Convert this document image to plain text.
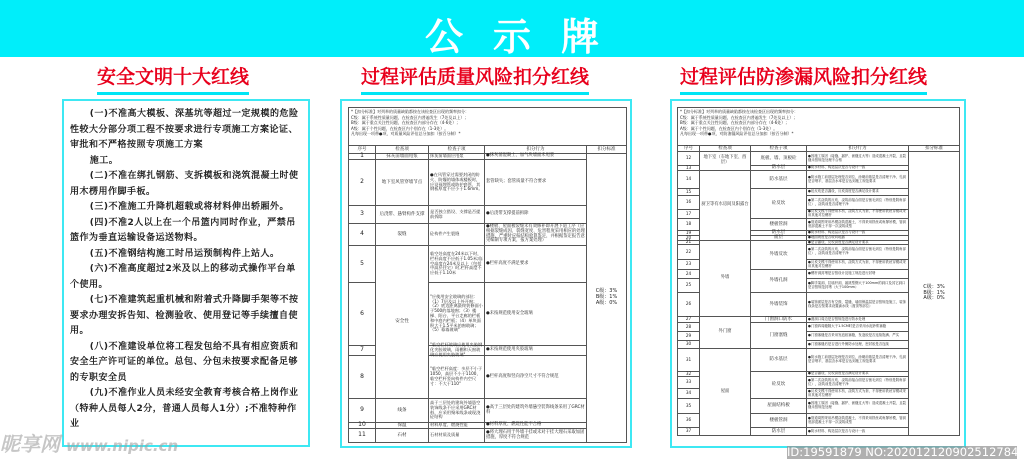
公示牌
安全文明十大红线	过程评估质量风险扣分红线	过程评估防渗漏风险扣分红线

(一)不准高大模板、深基坑等超过一定规模的危险性较大分部分项工程不按要求进行专项施工方案论证、审批和不严格按照专项施工方案

施工。

(二)不准在绑扎钢筋、支拆模板和浇筑混凝土时使用木楞用作脚手板。

(三)不准施工升降机超载或将材料伸出轿厢外。

(四)不准2人以上在一个吊篮内同时作业，严禁吊篮作为垂直运输设备运送物料。

(五)不准钢结构施工时吊运预制构件上站人。

(六)不准高度超过2米及以上的移动式操作平台单个使用。

(七)不准建筑起重机械和附着式升降脚手架等不按要求办理安拆告知、检测验收、使用登记等手续擅自使用。

(八)不准建设单位将工程发包给不具有相应资质和安全生产许可证的单位。总包、分包未按要求配备足够的专职安全员

(九)不准作业人员未经安全教育考核合格上岗作业（特种人员每人2分，普通人员每人1分）;不准特种作业

*【扣分标准】对列举的质量缺陷都按在该检查区出现的频率扣分：
C级：属于系统性质量问题，在检查区内普遍发生（7处及以上）；
B级：属于重点关注性问题，在检查区内部分存在（4-6处）；
A级：属于个性问题，在检查区内个别存在（1-3处）。
凡每出现一项带●项，对质量风险评估总分加扣（按百分制）*				

序号	检查项	检查子项	扣分行为	扣分标准

1	抹灰前墙面甩浆	抹灰前墙面应甩浆	●抹灰前混凝土、加气块墙面未甩浆	C级：3%
B级：1%
A级：0%

2	地下室风管穿墙节点	●在风管穿过需要封闭的防火、防爆的墙体或楼板时，应设预埋管或防护套管，其钢板厚度不应小于1.6mm。	套管缺失；套管质量不符合要求	

3	后浇带、悬臂构件支撑	是否独立搭设、支撑是否提前拆除	●后浇带支撑提前拆除	

4	裂缝	砼构件产生裂缝	●楼板、屋面板裂缝未有效修补即开展下道工序（应根据裂缝成因、裂缝宽度、危害程度采用相应的处理措施，严重时应报结构验算鉴定，并根据鉴定报告意见编制专项方案，报方案处理）	

5	安全性	临空处高度在24米以下时，栏杆高度不应低于1.05米;临空高度在24米及以上（包括中高层住宅）时,栏杆高度不应低于1.10米	●栏杆高度不满足要求	

6		"应使用安全玻璃的部位：（1）7层及以上外开窗；（2）底边距离最终装修面小于500的落地窗；（3）楼梯、阳台、平台走廊的栏板和中庭内栏板；（4）单块面积大于1.5平米的窗玻璃；（5）幕墙玻璃"	●未按规范使用安全玻璃	

7		"临空栏杆玻璃应使用夹胶钢化夹胶玻璃，雨棚和天窗玻璃应使用夹胶玻璃"	●未按规范使用夹胶玻璃	

8		"临空栏杆高度：多层不小于1050，高层不小于1100，临空栏杆竖向构件内空尺寸：不大于110"	●栏杆高度和竖向净空尺寸不符合规范	

9	线条	高于三层处的建筑外墙悬空装饰线条不应采用GRC材料，应采用聚苯线条或现浇砼结构	●高于三层处的建筑外墙悬空装饰线条采用了GRC材料	

10	保温	材料厚度、燃烧性能	●材料厚度、燃烧性能不合格	

11	石材	石材材质及质量	●将大理石用于外墙干挂或未对干挂大理石采取加固措施，厚度不符合规范	
*【扣分标准】对列举的质量缺陷都按在该检查区出现的频率扣分：
C级：属于系统性质量问题，在检查区内普遍发生（7处及以上）；
B级：属于重点关注性问题，在检查区内部分存在（4-6处）；
A级：属于个性问题，在检查区内个别存在（1-3处）。
凡每出现一项带●项，对防渗漏风险评估总分加扣（按百分制）*				

序号	检查项	检查子项	扣分行为	扣分标准

12	地下室（车地下室、酉层）	底板、墙、顶板砼	●因施工原因（接缝、漏护、嵌缝过大等）造成混凝土开裂，且裂缝未按规范处理不合格	C级：3%
B级：1%
A级：0%

13		防水层	●防水材料、构造层次是否与设计一致	

14	厨卫等有水房间及阳露台	防水基层	●防水施工前基层处理是否到位，涂刷前基层是否清理干净，孔洞是否堵平，基层含水率是否达到施工规范要求	

15		砼反坎	●砼反坎是否漏设，反坎高度是否满足设计要求	

16			●第二次浇筑的反坎，浇筑前接合面是否凿毛到位（特别是阴角部位），浇筑前是否清理干净	

17			●反坎支模不得使用木枋，浇筑方式为套，不得使用铁丝穿模或采用其他对拉螺杆	

18		楼板管洞	●管道周围采用吊模浇筑混凝土，不得采用铁丝或角撑吊模，管洞底部混凝土不得一次浇筑成型	

19		防水层	●防水材料、构造层次是否与设计一致	

20		面层	●地面坡度是否坡向地漏	

21	外墙	外墙反坎	●是否漏设，反坎高度是否满足设计要求	

22			●第二次浇筑的反坎，浇筑前接合面是否凿毛到位（特别是阴角部位），浇筑前是否清理干净	

23			●反坎支模不得使用木枋，浇筑方式为套，不得使用铁丝穿模或采用其他对拉螺杆	

24		外墙孔洞	●螺杆洞封堵是否按设计及施工规范进行封堵	

25			●脚手架洞、拉墙杆洞，悬挑型钢大于100mm的洞口及其它洞口是否按规范封堵（大于100mm）	

26		外墙装饰	●装饰面层是否有空鼓、裂缝，墙面保温层是否按规范施工，装饰线条是否按要求设置滴水线（窗顶等部位）	

27	外门窗	门窗洞口防水	●窗洞口周边是否按规范进行防水处理	

28		门窗塞缝	●门窗四周缝隙大于1.5CM时是否采用水泥砂浆塞缝	

29			●门窗塞缝是否采用发泡胶塞缝，发泡胶是否连续饱满、严实	

30			●门窗塞缝后是否进行外侧防水处理，密封胶是否连续	

31	屋面	防水基层	●防水施工前基层处理是否到位，涂刷前基层是否清理干净，孔洞是否堵平，基层含水率是否达到施工规范要求	

32		砼反坎	●是否漏设，反坎高度是否满足设计要求	

33			●第二次浇筑的反坎，浇筑前接合面是否凿毛到位（特别是阴角部位），浇筑前是否清理干净	

34			●反坎支模不得使用木枋，浇筑方式为套，不得使用铁丝穿模或采用其他对拉螺杆	

35		屋面结构板	●因施工原因（接缝、漏护、嵌缝过大等）造成混凝土开裂，且裂缝未按规范处理	

36		楼板管洞	●管道周围采用吊模浇筑混凝土，不得采用铁丝或角撑吊模，管洞底部混凝土不得一次浇筑成型	

37		防水层	●防水材料、构造层次是否与设计一致	
昵享网 www.nipic.cn	ID:19591879 NO:20201212090251278461
